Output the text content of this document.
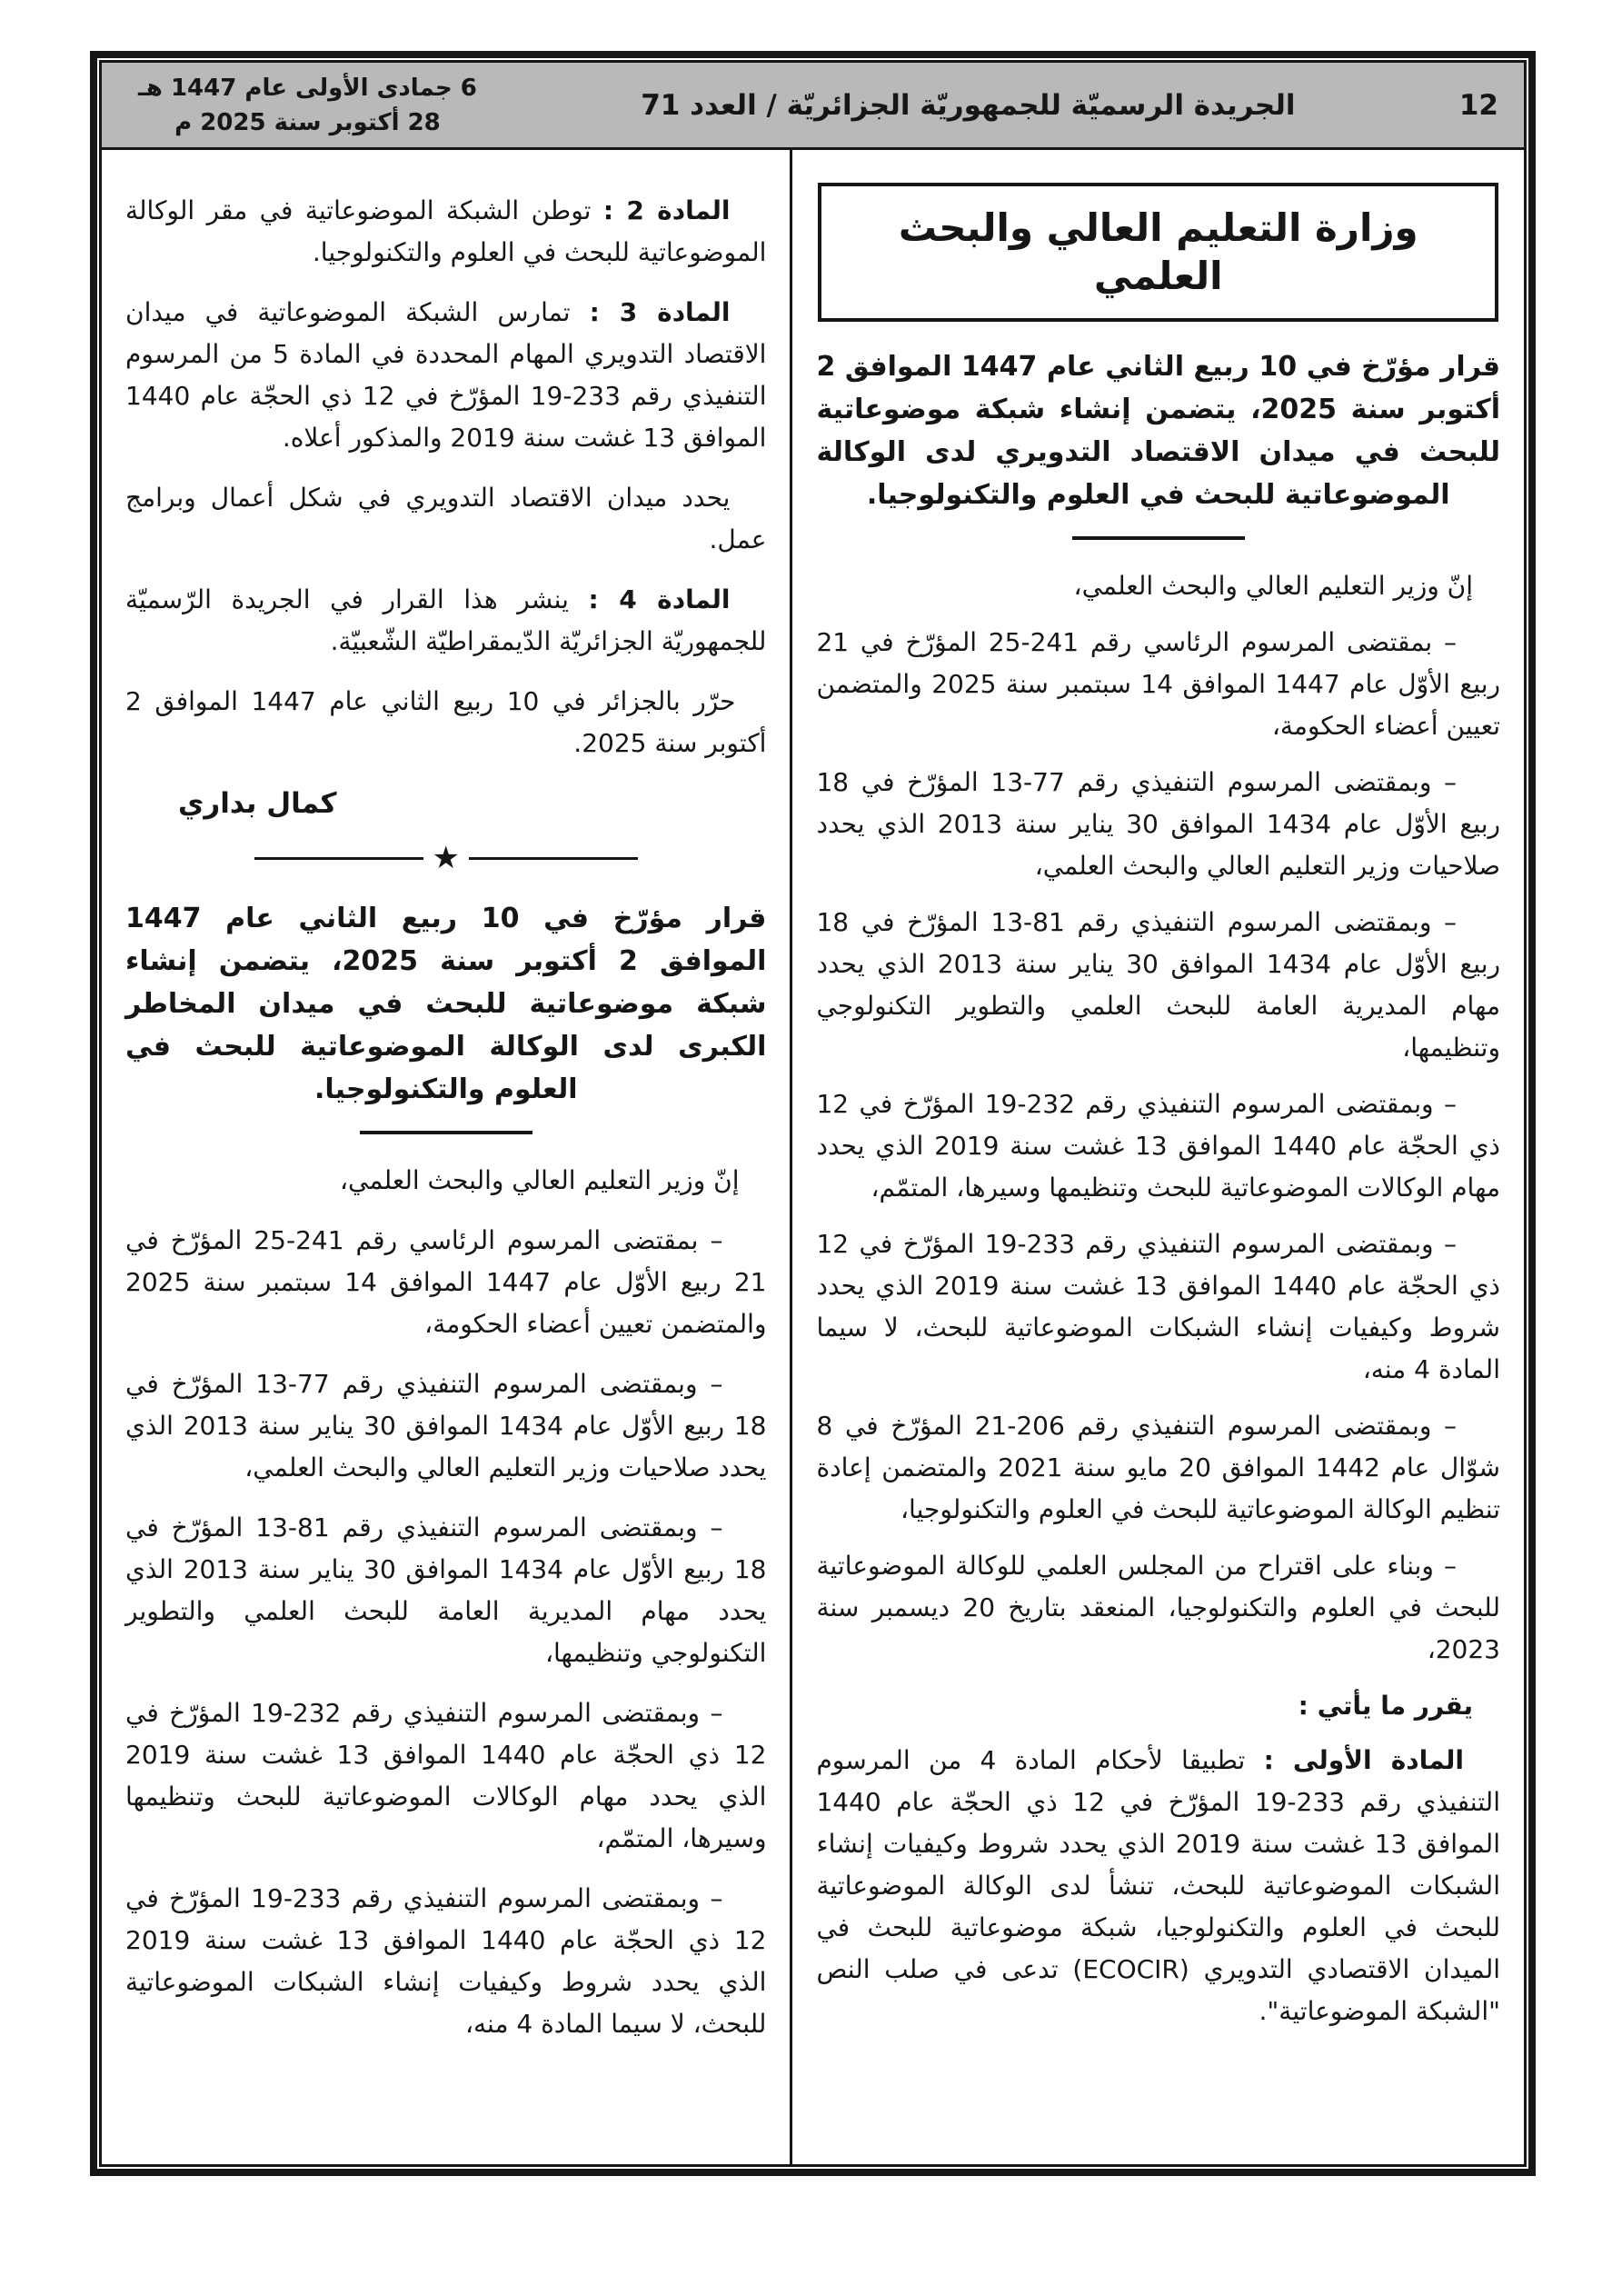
6 جمادى الأولى عام 1447 هـ
28 أكتوبر سنة 2025 م
الجريدة الرسميّة للجمهوريّة الجزائريّة / العدد 71	12
وزارة التعليم العالي والبحث العلمي

قرار مؤرّخ في 10 ربيع الثاني عام 1447 الموافق 2 أكتوبر سنة 2025، يتضمن إنشاء شبكة موضوعاتية للبحث في ميدان الاقتصاد التدويري لدى الوكالة الموضوعاتية للبحث في العلوم والتكنولوجيا.

إنّ وزير التعليم العالي والبحث العلمي،

– بمقتضى المرسوم الرئاسي رقم 241-25 المؤرّخ في 21 ربيع الأوّل عام 1447 الموافق 14 سبتمبر سنة 2025 والمتضمن تعيين أعضاء الحكومة،

– وبمقتضى المرسوم التنفيذي رقم 77-13 المؤرّخ في 18 ربيع الأوّل عام 1434 الموافق 30 يناير سنة 2013 الذي يحدد صلاحيات وزير التعليم العالي والبحث العلمي،

– وبمقتضى المرسوم التنفيذي رقم 81-13 المؤرّخ في 18 ربيع الأوّل عام 1434 الموافق 30 يناير سنة 2013 الذي يحدد مهام المديرية العامة للبحث العلمي والتطوير التكنولوجي وتنظيمها،

– وبمقتضى المرسوم التنفيذي رقم 232-19 المؤرّخ في 12 ذي الحجّة عام 1440 الموافق 13 غشت سنة 2019 الذي يحدد مهام الوكالات الموضوعاتية للبحث وتنظيمها وسيرها، المتمّم،

– وبمقتضى المرسوم التنفيذي رقم 233-19 المؤرّخ في 12 ذي الحجّة عام 1440 الموافق 13 غشت سنة 2019 الذي يحدد شروط وكيفيات إنشاء الشبكات الموضوعاتية للبحث، لا سيما المادة 4 منه،

– وبمقتضى المرسوم التنفيذي رقم 206-21 المؤرّخ في 8 شوّال عام 1442 الموافق 20 مايو سنة 2021 والمتضمن إعادة تنظيم الوكالة الموضوعاتية للبحث في العلوم والتكنولوجيا،

– وبناء على اقتراح من المجلس العلمي للوكالة الموضوعاتية للبحث في العلوم والتكنولوجيا، المنعقد بتاريخ 20 ديسمبر سنة 2023،

يقرر ما يأتي :

المادة الأولى : تطبيقا لأحكام المادة 4 من المرسوم التنفيذي رقم 233-19 المؤرّخ في 12 ذي الحجّة عام 1440 الموافق 13 غشت سنة 2019 الذي يحدد شروط وكيفيات إنشاء الشبكات الموضوعاتية للبحث، تنشأ لدى الوكالة الموضوعاتية للبحث في العلوم والتكنولوجيا، شبكة موضوعاتية للبحث في الميدان الاقتصادي التدويري (ECOCIR) تدعى في صلب النص "الشبكة الموضوعاتية".

المادة 2 : توطن الشبكة الموضوعاتية في مقر الوكالة الموضوعاتية للبحث في العلوم والتكنولوجيا.

المادة 3 : تمارس الشبكة الموضوعاتية في ميدان الاقتصاد التدويري المهام المحددة في المادة 5 من المرسوم التنفيذي رقم 233-19 المؤرّخ في 12 ذي الحجّة عام 1440 الموافق 13 غشت سنة 2019 والمذكور أعلاه.

يحدد ميدان الاقتصاد التدويري في شكل أعمال وبرامج عمل.

المادة 4 : ينشر هذا القرار في الجريدة الرّسميّة للجمهوريّة الجزائريّة الدّيمقراطيّة الشّعبيّة.

حرّر بالجزائر في 10 ربيع الثاني عام 1447 الموافق 2 أكتوبر سنة 2025.

كمال بداري

★

قرار مؤرّخ في 10 ربيع الثاني عام 1447 الموافق 2 أكتوبر سنة 2025، يتضمن إنشاء شبكة موضوعاتية للبحث في ميدان المخاطر الكبرى لدى الوكالة الموضوعاتية للبحث في العلوم والتكنولوجيا.

إنّ وزير التعليم العالي والبحث العلمي،

– بمقتضى المرسوم الرئاسي رقم 241-25 المؤرّخ في 21 ربيع الأوّل عام 1447 الموافق 14 سبتمبر سنة 2025 والمتضمن تعيين أعضاء الحكومة،

– وبمقتضى المرسوم التنفيذي رقم 77-13 المؤرّخ في 18 ربيع الأوّل عام 1434 الموافق 30 يناير سنة 2013 الذي يحدد صلاحيات وزير التعليم العالي والبحث العلمي،

– وبمقتضى المرسوم التنفيذي رقم 81-13 المؤرّخ في 18 ربيع الأوّل عام 1434 الموافق 30 يناير سنة 2013 الذي يحدد مهام المديرية العامة للبحث العلمي والتطوير التكنولوجي وتنظيمها،

– وبمقتضى المرسوم التنفيذي رقم 232-19 المؤرّخ في 12 ذي الحجّة عام 1440 الموافق 13 غشت سنة 2019 الذي يحدد مهام الوكالات الموضوعاتية للبحث وتنظيمها وسيرها، المتمّم،

– وبمقتضى المرسوم التنفيذي رقم 233-19 المؤرّخ في 12 ذي الحجّة عام 1440 الموافق 13 غشت سنة 2019 الذي يحدد شروط وكيفيات إنشاء الشبكات الموضوعاتية للبحث، لا سيما المادة 4 منه،
